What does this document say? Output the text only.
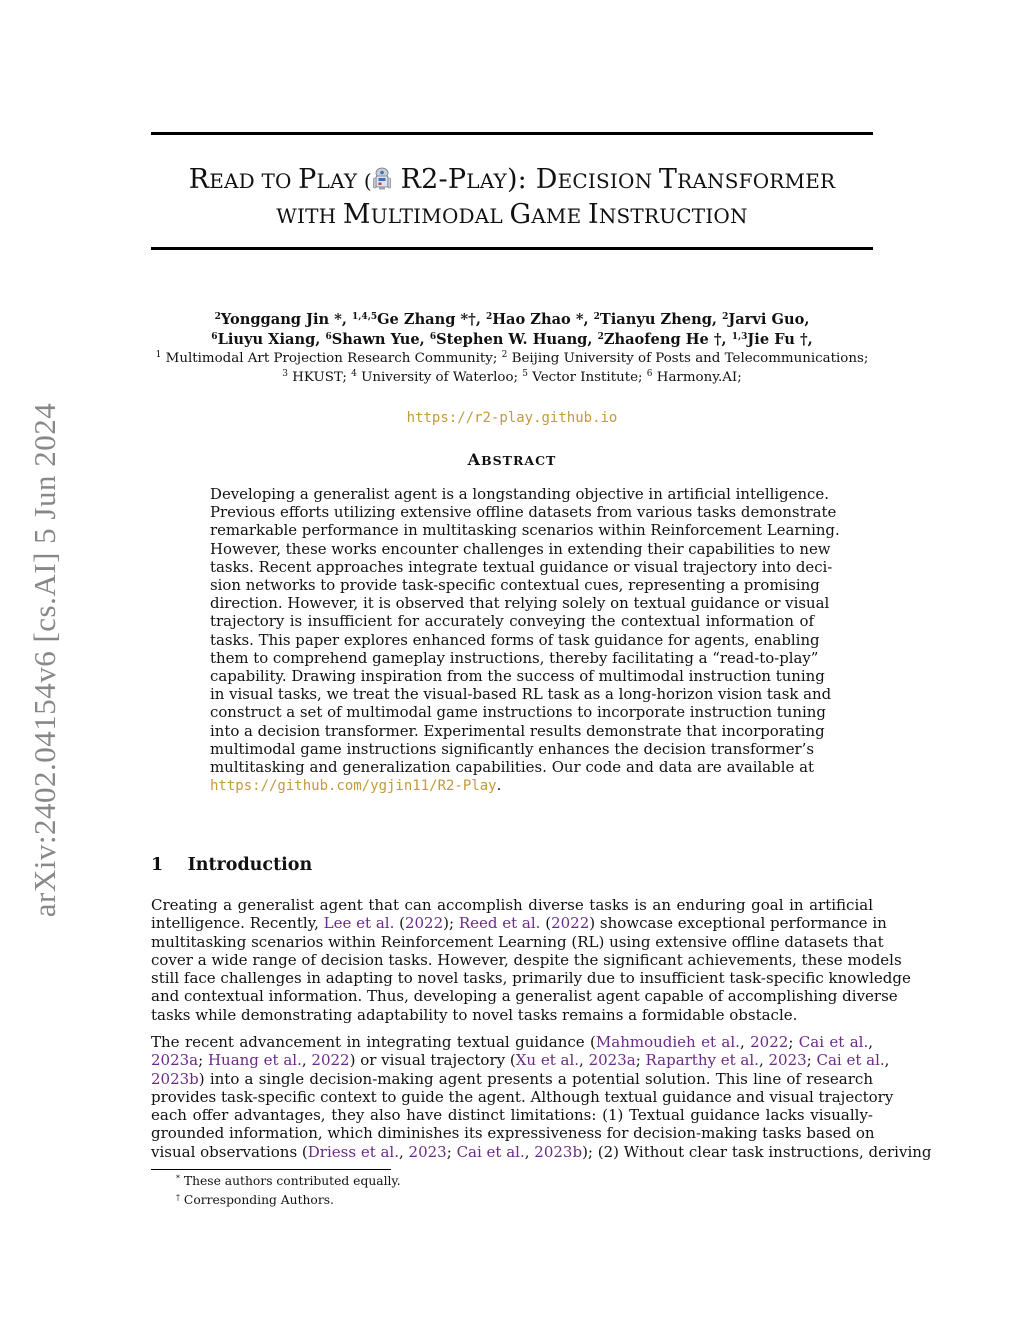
arXiv:2402.04154v6 [cs.AI] 5 Jun 2024
READ TO PLAY ( R2-PLAY): DECISION TRANSFORMER
WITH MULTIMODAL GAME INSTRUCTION
$^2$Yonggang Jin *, $^{1,4,5}$Ge Zhang *†, $^2$Hao Zhao *, $^2$Tianyu Zheng, $^2$Jarvi Guo,
$^6$Liuyu Xiang, $^6$Shawn Yue, $^6$Stephen W. Huang, $^2$Zhaofeng He †, $^{1,3}$Jie Fu †,
$^1$ Multimodal Art Projection Research Community; $^2$ Beijing University of Posts and Telecommunications;
$^3$ HKUST; $^4$ University of Waterloo; $^5$ Vector Institute; $^6$ Harmony.AI;
https://r2-play.github.io
ABSTRACT
Developing a generalist agent is a longstanding objective in artificial intelligence.
Previous efforts utilizing extensive offline datasets from various tasks demonstrate
remarkable performance in multitasking scenarios within Reinforcement Learning.
However, these works encounter challenges in extending their capabilities to new
tasks. Recent approaches integrate textual guidance or visual trajectory into deci-
sion networks to provide task-specific contextual cues, representing a promising
direction. However, it is observed that relying solely on textual guidance or visual
trajectory is insufficient for accurately conveying the contextual information of
tasks. This paper explores enhanced forms of task guidance for agents, enabling
them to comprehend gameplay instructions, thereby facilitating a “read-to-play”
capability. Drawing inspiration from the success of multimodal instruction tuning
in visual tasks, we treat the visual-based RL task as a long-horizon vision task and
construct a set of multimodal game instructions to incorporate instruction tuning
into a decision transformer. Experimental results demonstrate that incorporating
multimodal game instructions significantly enhances the decision transformer’s
multitasking and generalization capabilities. Our code and data are available at
https://github.com/ygjin11/R2-Play.
1 Introduction
Creating a generalist agent that can accomplish diverse tasks is an enduring goal in artificial
intelligence. Recently, Lee et al. (2022); Reed et al. (2022) showcase exceptional performance in
multitasking scenarios within Reinforcement Learning (RL) using extensive offline datasets that
cover a wide range of decision tasks. However, despite the significant achievements, these models
still face challenges in adapting to novel tasks, primarily due to insufficient task-specific knowledge
and contextual information. Thus, developing a generalist agent capable of accomplishing diverse
tasks while demonstrating adaptability to novel tasks remains a formidable obstacle.
The recent advancement in integrating textual guidance (Mahmoudieh et al., 2022; Cai et al.,
2023a; Huang et al., 2022) or visual trajectory (Xu et al., 2023a; Raparthy et al., 2023; Cai et al.,
2023b) into a single decision-making agent presents a potential solution. This line of research
provides task-specific context to guide the agent. Although textual guidance and visual trajectory
each offer advantages, they also have distinct limitations: (1) Textual guidance lacks visually-
grounded information, which diminishes its expressiveness for decision-making tasks based on
visual observations (Driess et al., 2023; Cai et al., 2023b); (2) Without clear task instructions, deriving
* These authors contributed equally.
† Corresponding Authors.
